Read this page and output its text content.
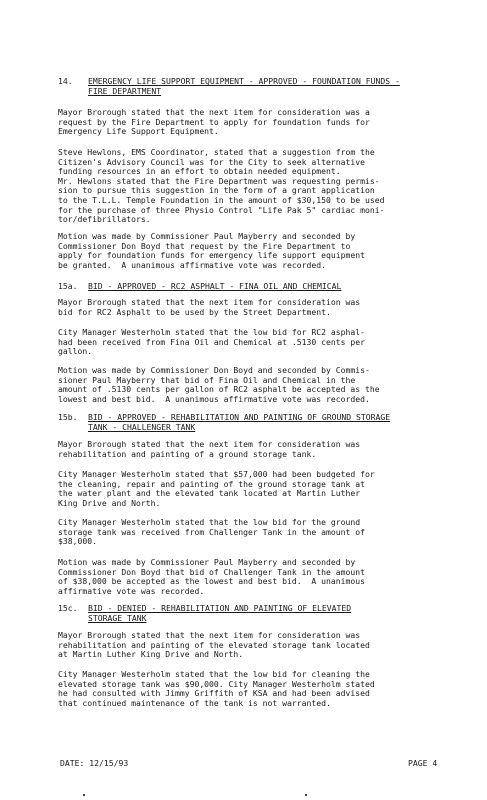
14.	EMERGENCY LIFE SUPPORT EQUIPMENT - APPROVED - FOUNDATION FUNDS -
FIRE DEPARTMENT
Mayor Brorough stated that the next item for consideration was a
request by the Fire Department to apply for foundation funds for
Emergency Life Support Equipment.
Steve Hewlons, EMS Coordinator, stated that a suggestion from the
Citizen's Advisory Council was for the City to seek alternative
funding resources in an effort to obtain needed equipment.
Mr. Hewlons stated that the Fire Department was requesting permis-
sion to pursue this suggestion in the form of a grant application
to the T.L.L. Temple Foundation in the amount of $30,150 to be used
for the purchase of three Physio Control "Life Pak 5" cardiac moni-
tor/defibrillators.
Motion was made by Commissioner Paul Mayberry and seconded by
Commissioner Don Boyd that request by the Fire Department to
apply for foundation funds for emergency life support equipment
be granted.  A unanimous affirmative vote was recorded.
15a.	BID - APPROVED - RC2 ASPHALT - FINA OIL AND CHEMICAL
Mayor Brorough stated that the next item for consideration was
bid for RC2 Asphalt to be used by the Street Department.
City Manager Westerholm stated that the low bid for RC2 asphal-
had been received from Fina Oil and Chemical at .5130 cents per
gallon.
Motion was made by Commissioner Don Boyd and seconded by Commis-
sioner Paul Mayberry that bid of Fina Oil and Chemical in the
amount of .5130 cents per gallon of RC2 asphalt be accepted as the
lowest and best bid.  A unanimous affirmative vote was recorded.
15b.	BID - APPROVED - REHABILITATION AND PAINTING OF GROUND STORAGE
TANK - CHALLENGER TANK
Mayor Brorough stated that the next item for consideration was
rehabilitation and painting of a ground storage tank.
City Manager Westerholm stated that $57,000 had been budgeted for
the cleaning, repair and painting of the ground storage tank at
the water plant and the elevated tank located at Martin Luther
King Drive and North.
City Manager Westerholm stated that the low bid for the ground
storage tank was received from Challenger Tank in the amount of
$38,000.
Motion was made by Commissioner Paul Mayberry and seconded by
Commissioner Don Boyd that bid of Challenger Tank in the amount
of $38,000 be accepted as the lowest and best bid.  A unanimous
affirmative vote was recorded.
15c.	BID - DENIED - REHABILITATION AND PAINTING OF ELEVATED
STORAGE TANK
Mayor Brorough stated that the next item for consideration was
rehabilitation and painting of the elevated storage tank located
at Martin Luther King Drive and North.
City Manager Westerholm stated that the low bid for cleaning the
elevated storage tank was $90,000. City Manager Westerholm stated
he had consulted with Jimmy Griffith of KSA and had been advised
that continued maintenance of the tank is not warranted.
DATE: 12/15/93	PAGE 4
